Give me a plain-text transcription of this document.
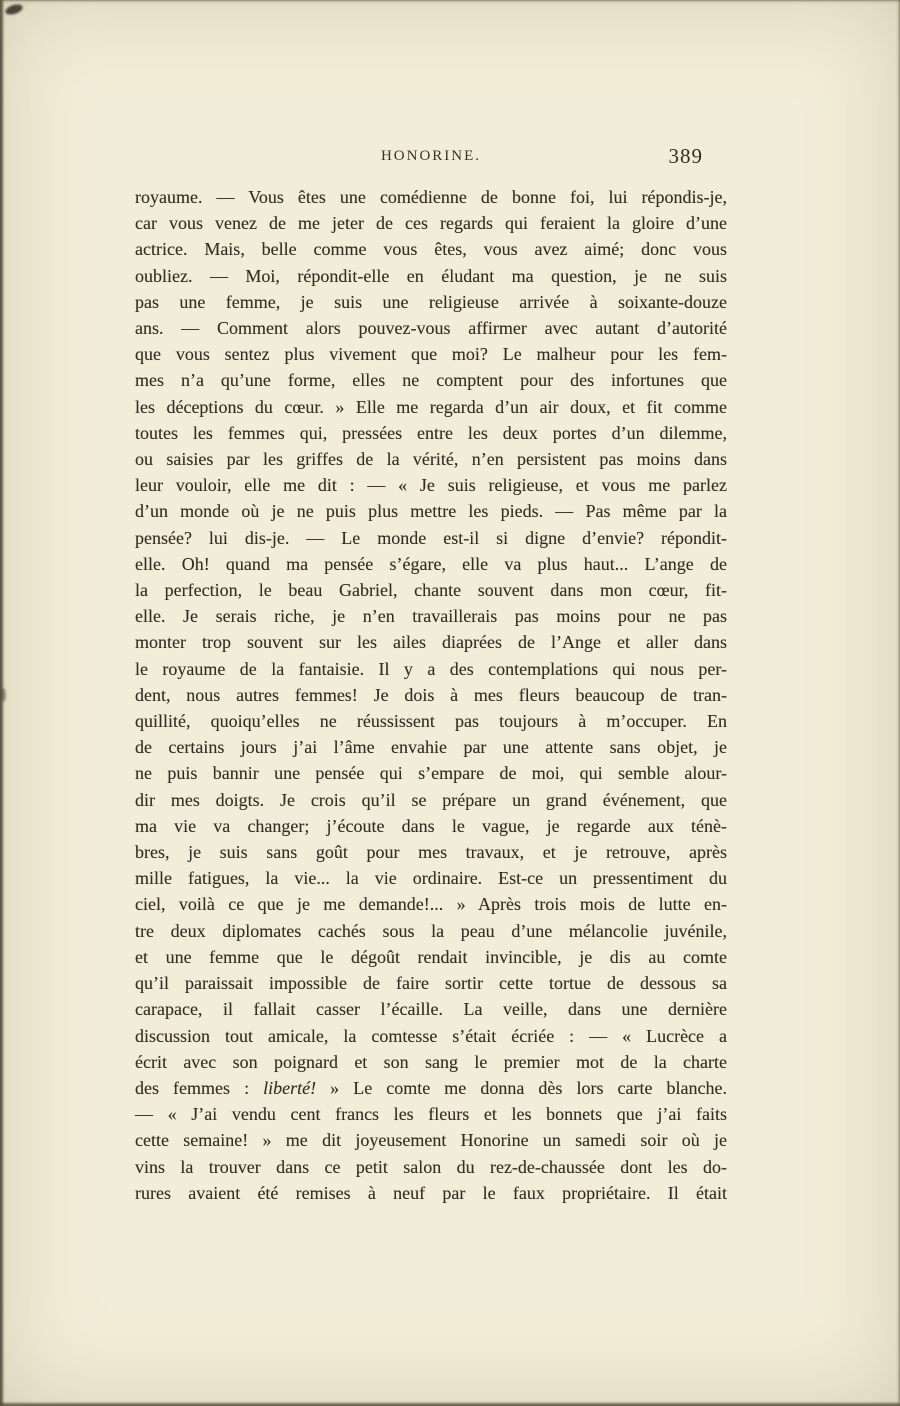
HONORINE.	389
royaume. — Vous êtes une comédienne de bonne foi, lui répondis-je,
car vous venez de me jeter de ces regards qui feraient la gloire d’une
actrice. Mais, belle comme vous êtes, vous avez aimé; donc vous
oubliez. — Moi, répondit-elle en éludant ma question, je ne suis
pas une femme, je suis une religieuse arrivée à soixante-douze
ans. — Comment alors pouvez-vous affirmer avec autant d’autorité
que vous sentez plus vivement que moi? Le malheur pour les fem-
mes n’a qu’une forme, elles ne comptent pour des infortunes que
les déceptions du cœur. » Elle me regarda d’un air doux, et fit comme
toutes les femmes qui, pressées entre les deux portes d’un dilemme,
ou saisies par les griffes de la vérité, n’en persistent pas moins dans
leur vouloir, elle me dit : — « Je suis religieuse, et vous me parlez
d’un monde où je ne puis plus mettre les pieds. — Pas même par la
pensée? lui dis-je. — Le monde est-il si digne d’envie? répondit-
elle. Oh! quand ma pensée s’égare, elle va plus haut... L’ange de
la perfection, le beau Gabriel, chante souvent dans mon cœur, fit-
elle. Je serais riche, je n’en travaillerais pas moins pour ne pas
monter trop souvent sur les ailes diaprées de l’Ange et aller dans
le royaume de la fantaisie. Il y a des contemplations qui nous per-
dent, nous autres femmes! Je dois à mes fleurs beaucoup de tran-
quillité, quoiqu’elles ne réussissent pas toujours à m’occuper. En
de certains jours j’ai l’âme envahie par une attente sans objet, je
ne puis bannir une pensée qui s’empare de moi, qui semble alour-
dir mes doigts. Je crois qu’il se prépare un grand événement, que
ma vie va changer; j’écoute dans le vague, je regarde aux ténè-
bres, je suis sans goût pour mes travaux, et je retrouve, après
mille fatigues, la vie... la vie ordinaire. Est-ce un pressentiment du
ciel, voilà ce que je me demande!... » Après trois mois de lutte en-
tre deux diplomates cachés sous la peau d’une mélancolie juvénile,
et une femme que le dégoût rendait invincible, je dis au comte
qu’il paraissait impossible de faire sortir cette tortue de dessous sa
carapace, il fallait casser l’écaille. La veille, dans une dernière
discussion tout amicale, la comtesse s’était écriée : — « Lucrèce a
écrit avec son poignard et son sang le premier mot de la charte
des femmes : liberté! » Le comte me donna dès lors carte blanche.
— « J’ai vendu cent francs les fleurs et les bonnets que j’ai faits
cette semaine! » me dit joyeusement Honorine un samedi soir où je
vins la trouver dans ce petit salon du rez-de-chaussée dont les do-
rures avaient été remises à neuf par le faux propriétaire. Il était
